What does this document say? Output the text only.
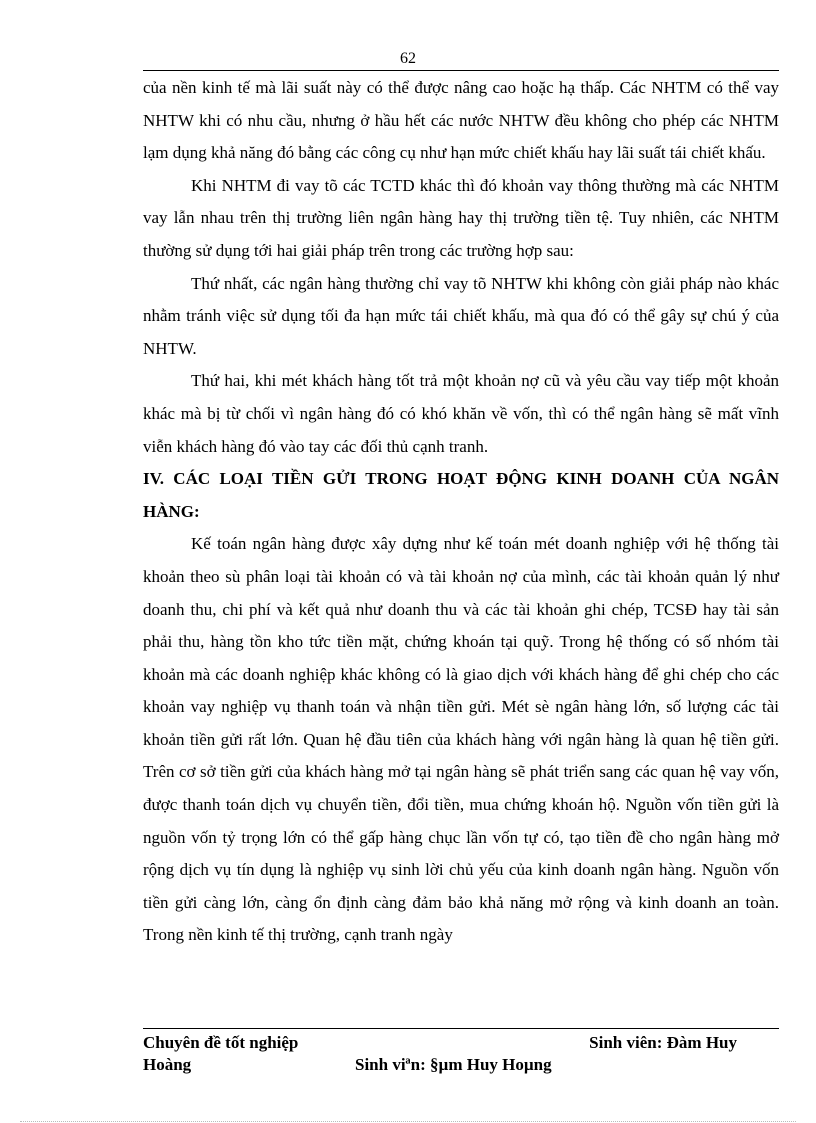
62

của nền kinh tế mà lãi suất này có thể được nâng cao hoặc hạ thấp. Các NHTM có thể vay NHTW khi có nhu cầu, nhưng ở hầu hết các nước NHTW đều không cho phép các NHTM lạm dụng khả năng đó bằng các công cụ như hạn mức chiết khấu hay lãi suất tái chiết khấu.

Khi NHTM đi vay tõ các TCTD khác thì đó khoản vay thông thường mà các NHTM vay lẫn nhau trên thị trường liên ngân hàng hay thị trường tiền tệ. Tuy nhiên, các NHTM thường sử dụng tới hai giải pháp trên trong các trường hợp sau:

Thứ nhất, các ngân hàng thường chỉ vay tõ NHTW khi không còn giải pháp nào khác nhằm tránh việc sử dụng tối đa hạn mức tái chiết khấu, mà qua đó có thể gây sự chú ý của NHTW.

Thứ hai, khi mét khách hàng tốt trả một khoản nợ cũ và yêu cầu vay tiếp một khoản khác mà bị từ chối vì ngân hàng đó có khó khăn về vốn, thì có thể ngân hàng sẽ mất vĩnh viễn khách hàng đó vào tay các đối thủ cạnh tranh.

IV. CÁC LOẠI TIỀN GỬI TRONG HOẠT ĐỘNG KINH DOANH CỦA NGÂN HÀNG:

Kế toán ngân hàng được xây dựng như kế toán mét doanh nghiệp với hệ thống tài khoản theo sù phân loại tài khoản có và tài khoản nợ của mình, các tài khoản quản lý như doanh thu, chi phí và kết quả như doanh thu và các tài khoản ghi chép, TCSĐ hay tài sản phải thu, hàng tồn kho tức tiền mặt, chứng khoán tại quỹ. Trong hệ thống có số nhóm tài khoản mà các doanh nghiệp khác không có là giao dịch với khách hàng để ghi chép cho các khoản vay nghiệp vụ thanh toán và nhận tiền gửi. Mét sè ngân hàng lớn, số lượng các tài khoản tiền gửi rất lớn. Quan hệ đầu tiên của khách hàng với ngân hàng là quan hệ tiền gửi. Trên cơ sở tiền gửi của khách hàng mở tại ngân hàng sẽ phát triển sang các quan hệ vay vốn, được thanh toán dịch vụ chuyển tiền, đổi tiền, mua chứng khoán hộ. Nguồn vốn tiền gửi là nguồn vốn tỷ trọng lớn có thể gấp hàng chục lần vốn tự có, tạo tiền đề cho ngân hàng mở rộng dịch vụ tín dụng là nghiệp vụ sinh lời chủ yếu của kinh doanh ngân hàng. Nguồn vốn tiền gửi càng lớn, càng ổn định càng đảm bảo khả năng mở rộng và kinh doanh an toàn. Trong nền kinh tế thị trường, cạnh tranh ngày

Chuyên đề tốt nghiệp	Sinh viên: Đàm Huy
Hoàng	Sinh viªn: §µm Huy Hoµng
